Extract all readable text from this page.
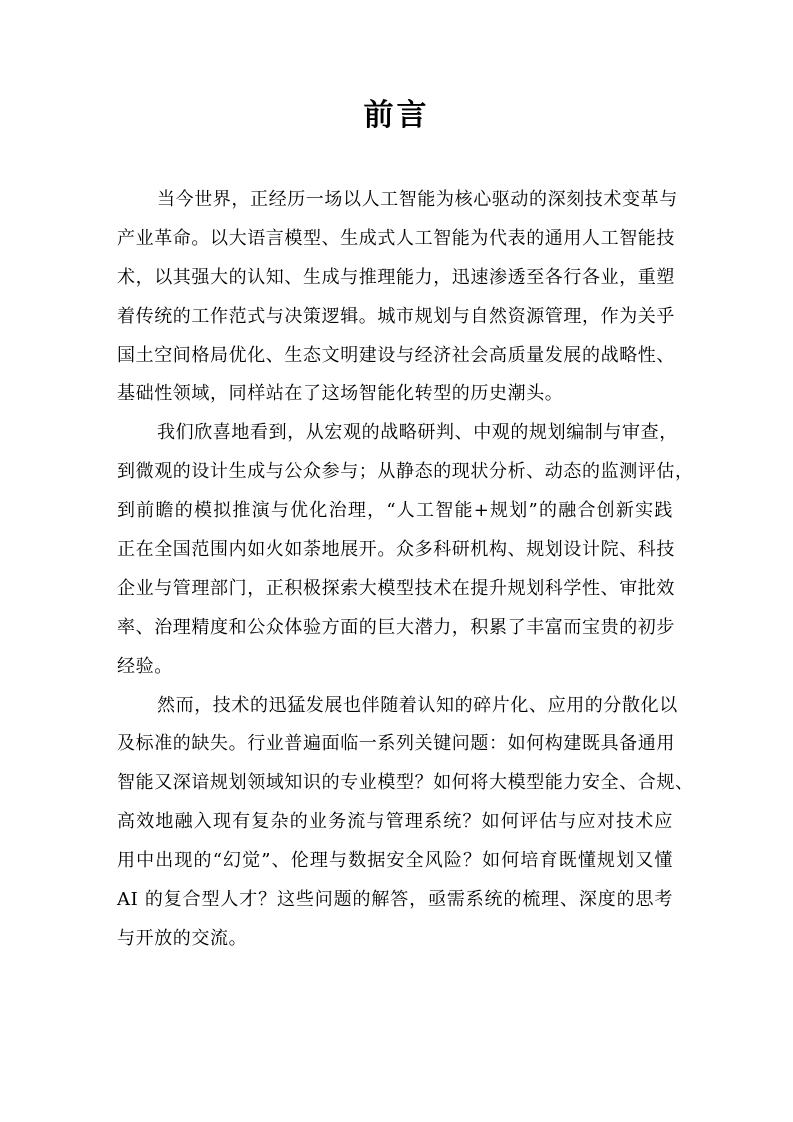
前言
当今世界，正经历一场以人工智能为核心驱动的深刻技术变革与
产业革命。以大语言模型、生成式人工智能为代表的通用人工智能技
术，以其强大的认知、生成与推理能力，迅速渗透至各行各业，重塑
着传统的工作范式与决策逻辑。城市规划与自然资源管理，作为关乎
国土空间格局优化、生态文明建设与经济社会高质量发展的战略性、
基础性领域，同样站在了这场智能化转型的历史潮头。
我们欣喜地看到，从宏观的战略研判、中观的规划编制与审查，
到微观的设计生成与公众参与；从静态的现状分析、动态的监测评估，
到前瞻的模拟推演与优化治理，“人工智能+规划”的融合创新实践
正在全国范围内如火如荼地展开。众多科研机构、规划设计院、科技
企业与管理部门，正积极探索大模型技术在提升规划科学性、审批效
率、治理精度和公众体验方面的巨大潜力，积累了丰富而宝贵的初步
经验。
然而，技术的迅猛发展也伴随着认知的碎片化、应用的分散化以
及标准的缺失。行业普遍面临一系列关键问题：如何构建既具备通用
智能又深谙规划领域知识的专业模型？如何将大模型能力安全、合规、
高效地融入现有复杂的业务流与管理系统？如何评估与应对技术应
用中出现的“幻觉”、伦理与数据安全风险？如何培育既懂规划又懂
AI 的复合型人才？这些问题的解答，亟需系统的梳理、深度的思考
与开放的交流。
